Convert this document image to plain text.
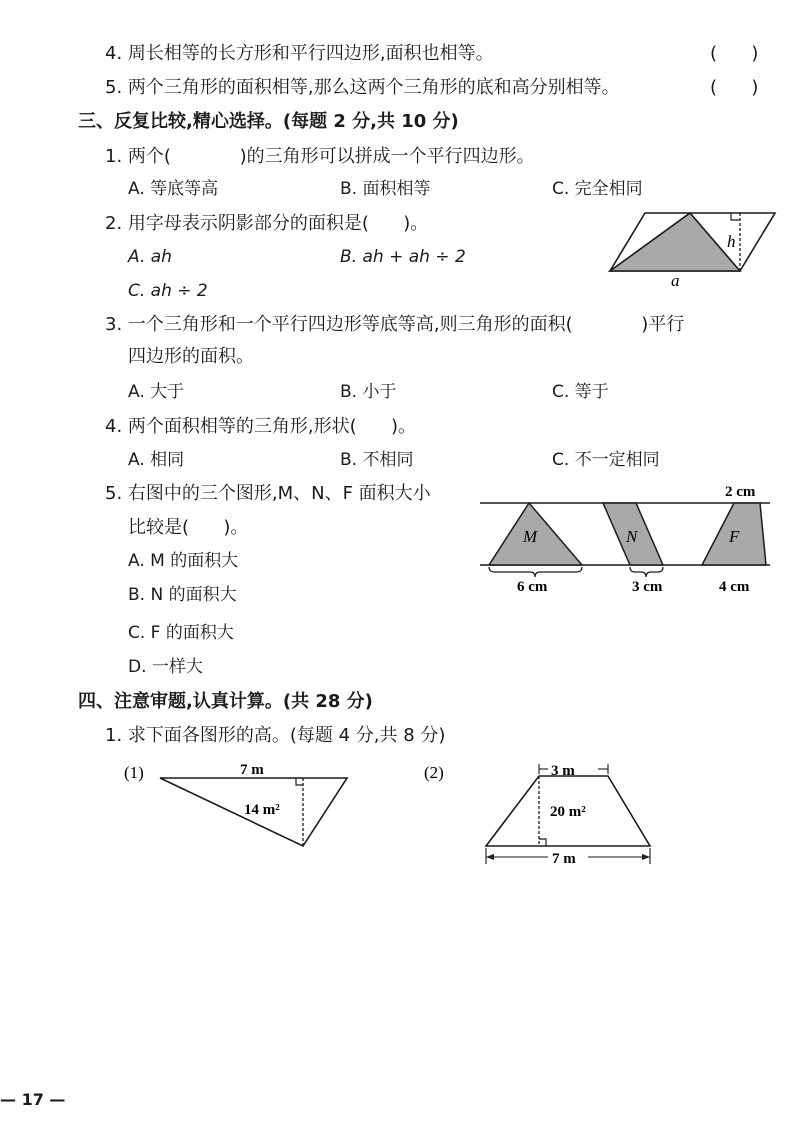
4. 周长相等的长方形和平行四边形,面积也相等。	(      )
5. 两个三角形的面积相等,那么这两个三角形的底和高分别相等。	(      )
三、反复比较,精心选择。(每题 2 分,共 10 分)
1. 两个(            )的三角形可以拼成一个平行四边形。
A. 等底等高	B. 面积相等	C. 完全相同
2. 用字母表示阴影部分的面积是(      )。
A. ah	B. ah + ah ÷ 2
C. ah ÷ 2
h
a
3. 一个三角形和一个平行四边形等底等高,则三角形的面积(            )平行
四边形的面积。
A. 大于	B. 小于	C. 等于
4. 两个面积相等的三角形,形状(      )。
A. 相同	B. 不相同	C. 不一定相同
5. 右图中的三个图形,M、N、F 面积大小
比较是(      )。
A. M 的面积大
B. N 的面积大
C. F 的面积大
D. 一样大
2 cm
M	N	F
6 cm	3 cm	4 cm
四、注意审题,认真计算。(共 28 分)
1. 求下面各图形的高。(每题 4 分,共 8 分)
(1)	7 m
14 m²
(2)	3 m
20 m²
7 m
— 17 —
